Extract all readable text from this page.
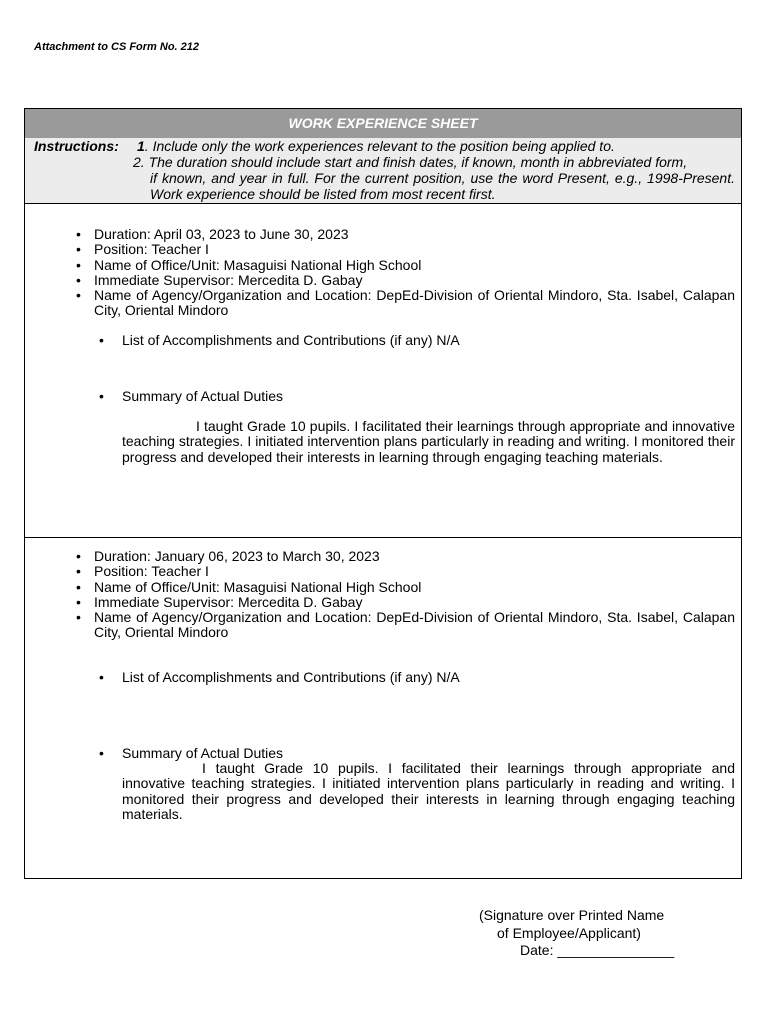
Attachment to CS Form No. 212
WORK EXPERIENCE SHEET
Instructions: 1. Include only the work experiences relevant to the position being applied to.
2. The duration should include start and finish dates, if known, month in abbreviated form,
if known, and year in full. For the current position, use the word Present, e.g., 1998-Present. Work experience should be listed from most recent first.
• Duration: April 03, 2023 to June 30, 2023
• Position: Teacher I
• Name of Office/Unit: Masaguisi National High School
• Immediate Supervisor: Mercedita D. Gabay
• Name of Agency/Organization and Location: DepEd-Division of Oriental Mindoro, Sta. Isabel, Calapan City, Oriental Mindoro
• List of Accomplishments and Contributions (if any) N/A
• Summary of Actual Duties
I taught Grade 10 pupils. I facilitated their learnings through appropriate and innovative teaching strategies. I initiated intervention plans particularly in reading and writing. I monitored their progress and developed their interests in learning through engaging teaching materials.
• Duration: January 06, 2023 to March 30, 2023
• Position: Teacher I
• Name of Office/Unit: Masaguisi National High School
• Immediate Supervisor: Mercedita D. Gabay
• Name of Agency/Organization and Location: DepEd-Division of Oriental Mindoro, Sta. Isabel, Calapan City, Oriental Mindoro
• List of Accomplishments and Contributions (if any) N/A
• Summary of Actual Duties
I taught Grade 10 pupils. I facilitated their learnings through appropriate and innovative teaching strategies. I initiated intervention plans particularly in reading and writing. I monitored their progress and developed their interests in learning through engaging teaching materials.
(Signature over Printed Name
of Employee/Applicant)
Date: _______________
